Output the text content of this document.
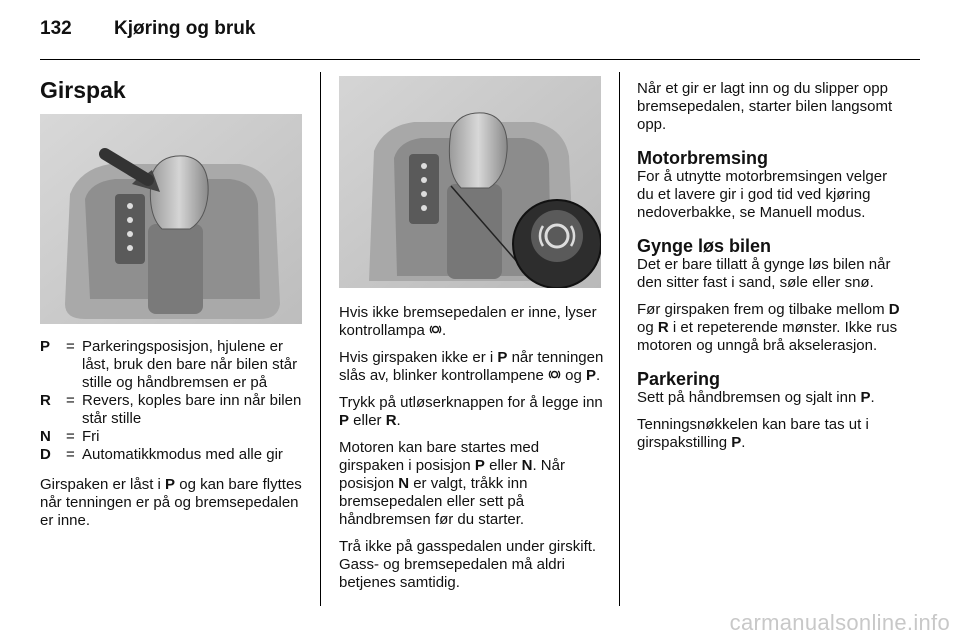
132 Kjøring og bruk
Girspak
P	= Parkeringsposisjon, hjulene er låst, bruk den bare når bilen står stille og håndbremsen er på
R	= Revers, koples bare inn når bilen står stille
N	= Fri
D	= Automatikkmodus med alle gir

Girspaken er låst i P og kan bare flyttes når tenningen er på og bremsepedalen er inne.

Hvis ikke bremsepedalen er inne, lyser kontrollampa .

Hvis girspaken ikke er i P når tenningen slås av, blinker kontrollampene  og P.

Trykk på utløserknappen for å legge inn P eller R.

Motoren kan bare startes med girspaken i posisjon P eller N. Når posisjon N er valgt, tråkk inn bremsepedalen eller sett på håndbremsen før du starter.

Trå ikke på gasspedalen under girskift. Gass- og bremsepedalen må aldri betjenes samtidig.

Når et gir er lagt inn og du slipper opp bremsepedalen, starter bilen langsomt opp.

Motorbremsing

For å utnytte motorbremsingen velger du et lavere gir i god tid ved kjøring nedoverbakke, se Manuell modus.

Gynge løs bilen

Det er bare tillatt å gynge løs bilen når den sitter fast i sand, søle eller snø.

Før girspaken frem og tilbake mellom D og R i et repeterende mønster. Ikke rus motoren og unngå brå akselerasjon.

Parkering

Sett på håndbremsen og sjalt inn P.

Tenningsnøkkelen kan bare tas ut i girspakstilling P.

carmanualsonline.info
